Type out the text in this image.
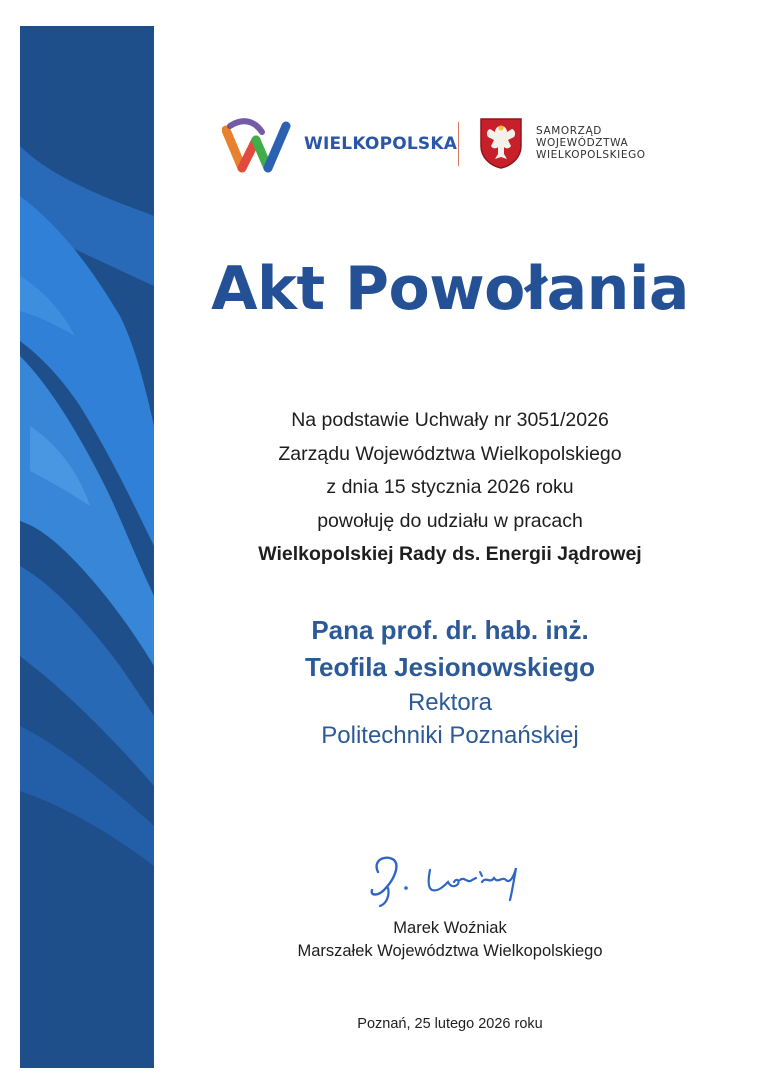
WIELKOPOLSKA
SAMORZĄD
WOJEWÓDZTWA
WIELKOPOLSKIEGO
Akt Powołania
Na podstawie Uchwały nr 3051/2026
Zarządu Województwa Wielkopolskiego
z dnia 15 stycznia 2026 roku
powołuję do udziału w pracach
Wielkopolskiej Rady ds. Energii Jądrowej
Pana prof. dr. hab. inż.
Teofila Jesionowskiego
Rektora
Politechniki Poznańskiej
Marek Woźniak
Marszałek Województwa Wielkopolskiego
Poznań, 25 lutego 2026 roku
